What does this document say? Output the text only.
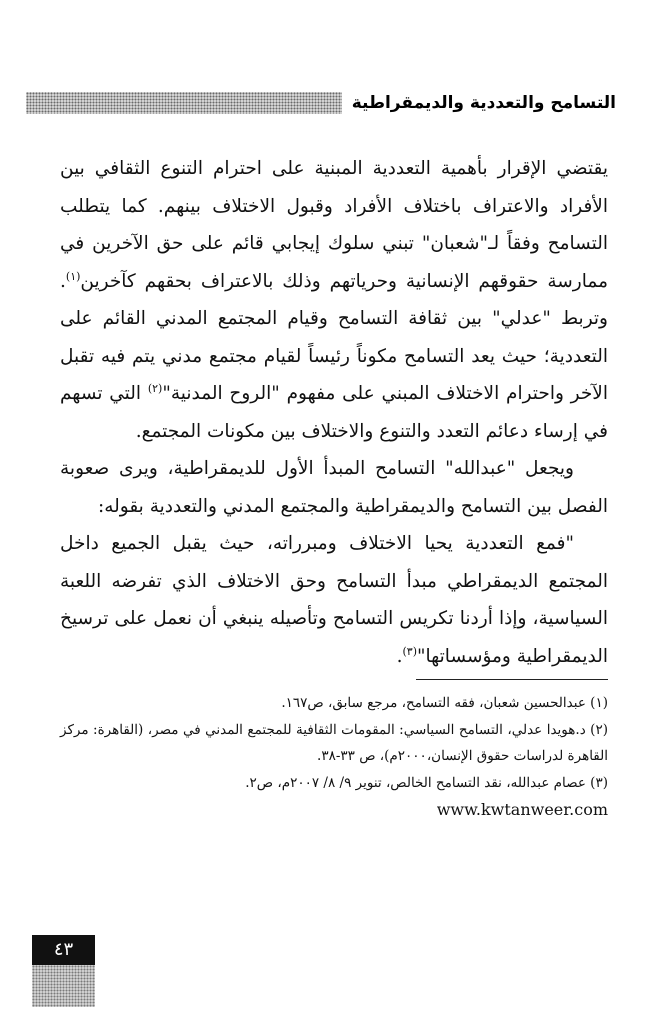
التسامح والتعددية والديمقراطية

يقتضي الإقرار بأهمية التعددية المبنية على احترام التنوع الثقافي بين الأفراد والاعتراف باختلاف الأفراد وقبول الاختلاف بينهم. كما يتطلب التسامح وفقاً لـ"شعبان" تبني سلوك إيجابي قائم على حق الآخرين في ممارسة حقوقهم الإنسانية وحرياتهم وذلك بالاعتراف بحقهم كآخرين$^{(١)}$. وتربط "عدلي" بين ثقافة التسامح وقيام المجتمع المدني القائم على التعددية؛ حيث يعد التسامح مكوناً رئيساً لقيام مجتمع مدني يتم فيه تقبل الآخر واحترام الاختلاف المبني على مفهوم "الروح المدنية"$^{(٢)}$ التي تسهم في إرساء دعائم التعدد والتنوع والاختلاف بين مكونات المجتمع.

ويجعل "عبدالله" التسامح المبدأ الأول للديمقراطية، ويرى صعوبة الفصل بين التسامح والديمقراطية والمجتمع المدني والتعددية بقوله:

"فمع التعددية يحيا الاختلاف ومبرراته، حيث يقبل الجميع داخل المجتمع الديمقراطي مبدأ التسامح وحق الاختلاف الذي تفرضه اللعبة السياسية، وإذا أردنا تكريس التسامح وتأصيله ينبغي أن نعمل على ترسيخ الديمقراطية ومؤسساتها"$^{(٣)}$.

(١) عبدالحسين شعبان، فقه التسامح، مرجع سابق، ص١٦٧.

(٢) د.هويدا عدلي، التسامح السياسي: المقومات الثقافية للمجتمع المدني في مصر، (القاهرة: مركز القاهرة لدراسات حقوق الإنسان،٢٠٠٠م)، ص ٣٣-٣٨.

(٣) عصام عبدالله، نقد التسامح الخالص، تنوير ٩/ ٨/ ٢٠٠٧م، ص٢.

www.kwtanweer.com
٤٣
